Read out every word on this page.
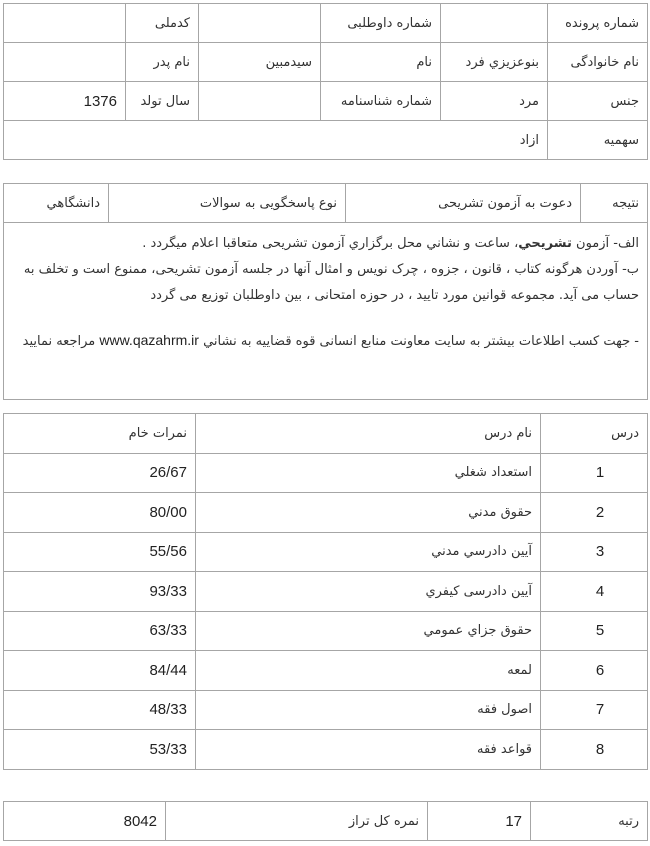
شماره پرونده		شماره داوطلبی		کدملی	
نام خانوادگی	بنوعزیزي فرد	نام	سیدمبین	نام پدر	
جنس	مرد	شماره شناسنامه		سال تولد	1376
سهمیه	ازاد				
نتیجه	دعوت به آزمون تشریحی	نوع پاسخگویی به سوالات	دانشگاهي

الف- آزمون تشریحي، ساعت و نشاني محل برگزاري آزمون تشریحی متعاقبا اعلام میگردد .

ب- آوردن هرگونه کتاب ، قانون ، جزوه ، چرک نویس و امثال آنها در جلسه آزمون تشریحی، ممنوع است و تخلف به حساب می آید. مجموعه قوانین مورد تایید ، در حوزه امتحانی ، بین داوطلبان توزیع می گردد

- جهت کسب اطلاعات بیشتر به سایت معاونت منابع انسانی قوه قضاییه به نشاني www.qazahrm.ir مراجعه نمایید

درس	نام درس	نمرات خام
1	استعداد شغلي	26/67
2	حقوق مدني	80/00
3	آیین دادرسي مدني	55/56
4	آیین دادرسی کیفري	93/33
5	حقوق جزاي عمومي	63/33
6	لمعه	84/44
7	اصول فقه	48/33
8	قواعد فقه	53/33
رتبه	17	نمره کل تراز	8042
